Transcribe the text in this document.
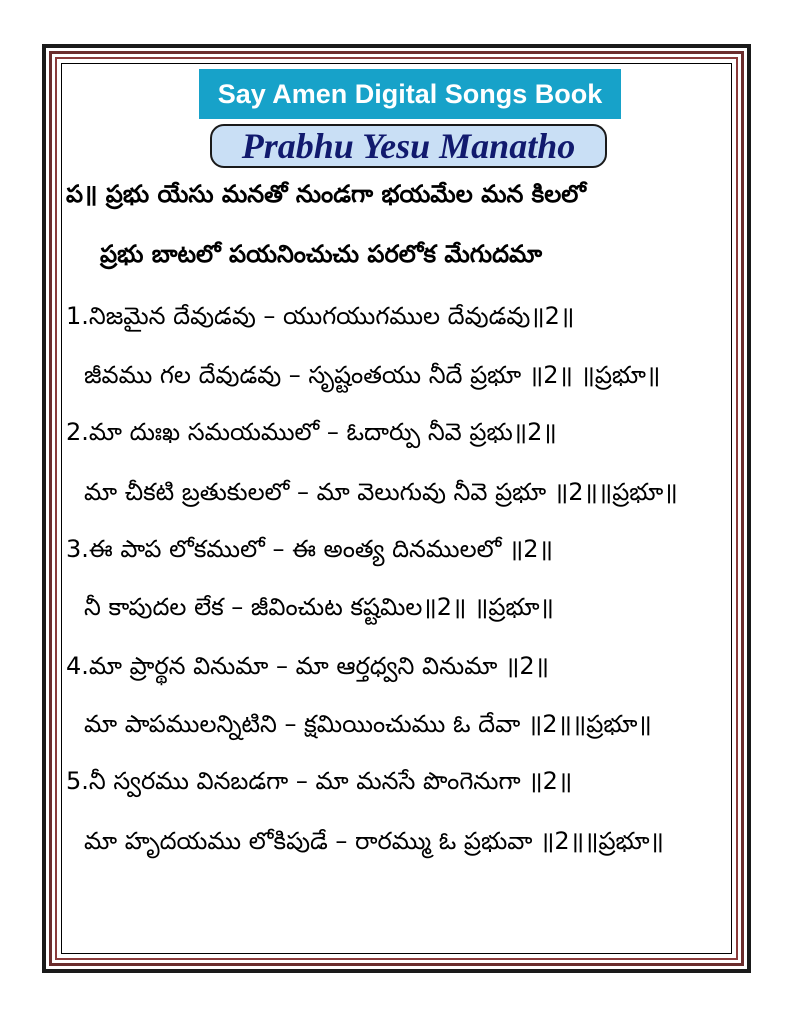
Say Amen Digital Songs Book
Prabhu Yesu Manatho
ప॥ ప్రభు యేసు మనతో నుండగా భయమేల మన కిలలో
ప్రభు బాటలో పయనించుచు పరలోక మేగుదమా
1.నిజమైన దేవుడవు – యుగయుగముల దేవుడవు॥2॥
జీవము గల దేవుడవు – సృష్టంతయు నీదే ప్రభూ ॥2॥ ॥ప్రభూ॥
2.మా దుఃఖ సమయములో – ఓదార్పు నీవె ప్రభు॥2॥
మా చీకటి బ్రతుకులలో – మా వెలుగువు నీవె ప్రభూ ॥2॥॥ప్రభూ॥
3.ఈ పాప లోకములో – ఈ అంత్య దినములలో ॥2॥
నీ కాపుదల లేక – జీవించుట కష్టమిల॥2॥ ॥ప్రభూ॥
4.మా ప్రార్థన వినుమా – మా ఆర్తధ్వని వినుమా ॥2॥
మా పాపములన్నిటిని – క్షమియించుము ఓ దేవా ॥2॥॥ప్రభూ॥
5.నీ స్వరము వినబడగా – మా మనసే పొంగెనుగా ॥2॥
మా హృదయము లోకిపుడే – రారమ్ము ఓ ప్రభువా ॥2॥॥ప్రభూ॥
